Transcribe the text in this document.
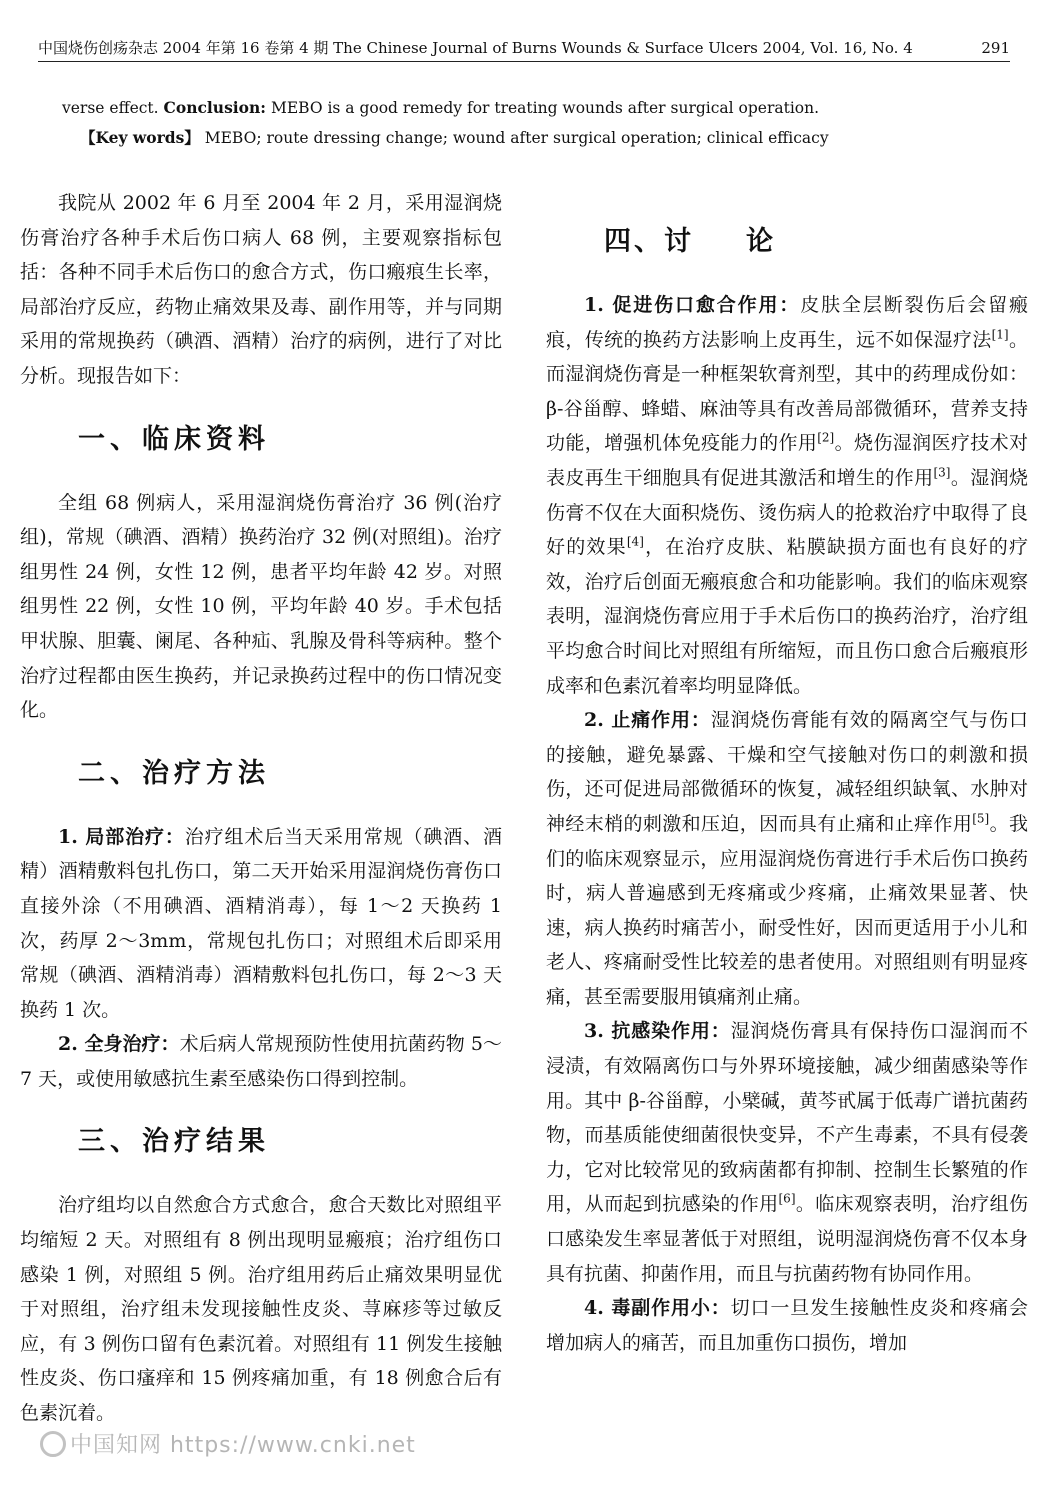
中国烧伤创疡杂志 2004 年第 16 卷第 4 期 The Chinese Journal of Burns Wounds & Surface Ulcers 2004, Vol. 16, No. 4	291
verse effect. Conclusion: MEBO is a good remedy for treating wounds after surgical operation.
【Key words】 MEBO; route dressing change; wound after surgical operation; clinical efficacy

我院从 2002 年 6 月至 2004 年 2 月，采用湿润烧伤膏治疗各种手术后伤口病人 68 例，主要观察指标包括：各种不同手术后伤口的愈合方式，伤口瘢痕生长率，局部治疗反应，药物止痛效果及毒、副作用等，并与同期采用的常规换药（碘酒、酒精）治疗的病例，进行了对比分析。现报告如下：

一、临床资料

全组 68 例病人，采用湿润烧伤膏治疗 36 例(治疗组)，常规（碘酒、酒精）换药治疗 32 例(对照组)。治疗组男性 24 例，女性 12 例，患者平均年龄 42 岁。对照组男性 22 例，女性 10 例，平均年龄 40 岁。手术包括甲状腺、胆囊、阑尾、各种疝、乳腺及骨科等病种。整个治疗过程都由医生换药，并记录换药过程中的伤口情况变化。

二、治疗方法

1. 局部治疗：治疗组术后当天采用常规（碘酒、酒精）酒精敷料包扎伤口，第二天开始采用湿润烧伤膏伤口直接外涂（不用碘酒、酒精消毒），每 1～2 天换药 1 次，药厚 2～3mm，常规包扎伤口；对照组术后即采用常规（碘酒、酒精消毒）酒精敷料包扎伤口，每 2～3 天换药 1 次。

2. 全身治疗：术后病人常规预防性使用抗菌药物 5～7 天，或使用敏感抗生素至感染伤口得到控制。

三、治疗结果

治疗组均以自然愈合方式愈合，愈合天数比对照组平均缩短 2 天。对照组有 8 例出现明显瘢痕；治疗组伤口感染 1 例，对照组 5 例。治疗组用药后止痛效果明显优于对照组，治疗组未发现接触性皮炎、荨麻疹等过敏反应，有 3 例伤口留有色素沉着。对照组有 11 例发生接触性皮炎、伤口瘙痒和 15 例疼痛加重，有 18 例愈合后有色素沉着。

四、讨 论

1. 促进伤口愈合作用：皮肤全层断裂伤后会留瘢痕，传统的换药方法影响上皮再生，远不如保湿疗法[1]。而湿润烧伤膏是一种框架软膏剂型，其中的药理成份如：β-谷甾醇、蜂蜡、麻油等具有改善局部微循环，营养支持功能，增强机体免疫能力的作用[2]。烧伤湿润医疗技术对表皮再生干细胞具有促进其激活和增生的作用[3]。湿润烧伤膏不仅在大面积烧伤、烫伤病人的抢救治疗中取得了良好的效果[4]，在治疗皮肤、粘膜缺损方面也有良好的疗效，治疗后创面无瘢痕愈合和功能影响。我们的临床观察表明，湿润烧伤膏应用于手术后伤口的换药治疗，治疗组平均愈合时间比对照组有所缩短，而且伤口愈合后瘢痕形成率和色素沉着率均明显降低。

2. 止痛作用：湿润烧伤膏能有效的隔离空气与伤口的接触，避免暴露、干燥和空气接触对伤口的刺激和损伤，还可促进局部微循环的恢复，减轻组织缺氧、水肿对神经末梢的刺激和压迫，因而具有止痛和止痒作用[5]。我们的临床观察显示，应用湿润烧伤膏进行手术后伤口换药时，病人普遍感到无疼痛或少疼痛，止痛效果显著、快速，病人换药时痛苦小，耐受性好，因而更适用于小儿和老人、疼痛耐受性比较差的患者使用。对照组则有明显疼痛，甚至需要服用镇痛剂止痛。

3. 抗感染作用：湿润烧伤膏具有保持伤口湿润而不浸渍，有效隔离伤口与外界环境接触，减少细菌感染等作用。其中 β-谷甾醇，小檗碱，黄芩甙属于低毒广谱抗菌药物，而基质能使细菌很快变异，不产生毒素，不具有侵袭力，它对比较常见的致病菌都有抑制、控制生长繁殖的作用，从而起到抗感染的作用[6]。临床观察表明，治疗组伤口感染发生率显著低于对照组，说明湿润烧伤膏不仅本身具有抗菌、抑菌作用，而且与抗菌药物有协同作用。

4. 毒副作用小：切口一旦发生接触性皮炎和疼痛会增加病人的痛苦，而且加重伤口损伤，增加

中国知网 https://www.cnki.net
